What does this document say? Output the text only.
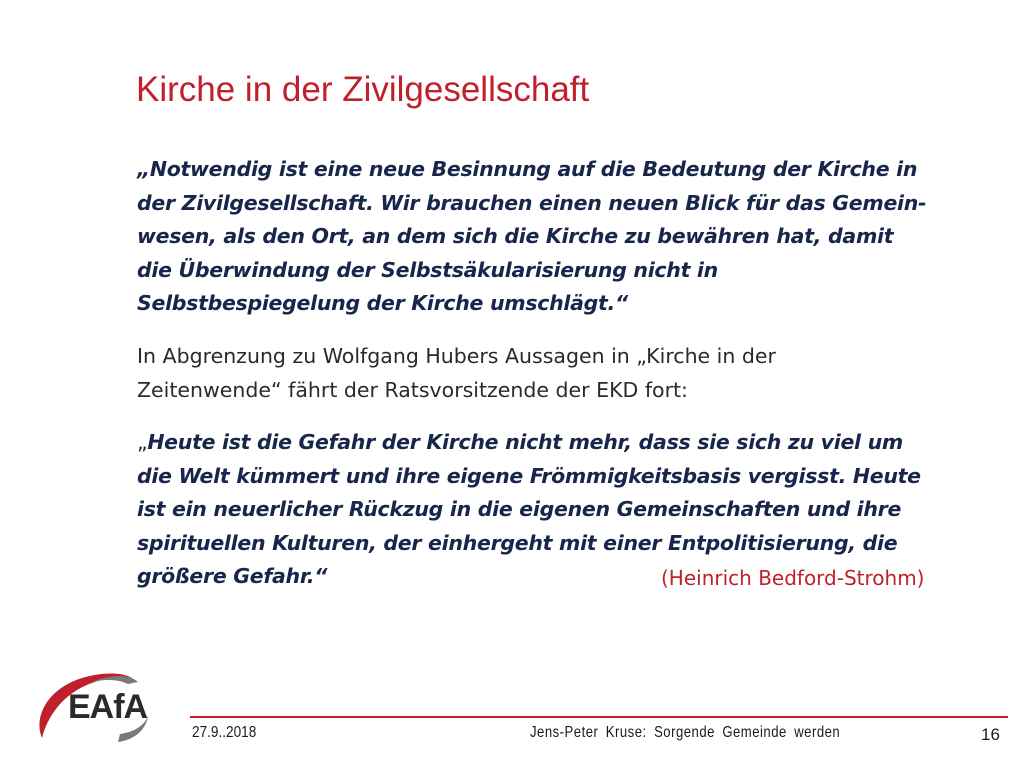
Kirche in der Zivilgesellschaft
„Notwendig ist eine neue Besinnung auf die Bedeutung der Kirche in
der Zivilgesellschaft. Wir brauchen einen neuen Blick für das Gemein-
wesen, als den Ort, an dem sich die Kirche zu bewähren hat, damit
die Überwindung der Selbstsäkularisierung nicht in
Selbstbespiegelung der Kirche umschlägt.“
In Abgrenzung zu Wolfgang Hubers Aussagen in „Kirche in der
Zeitenwende“ fährt der Ratsvorsitzende der EKD fort:
„Heute ist die Gefahr der Kirche nicht mehr, dass sie sich zu viel um
die Welt kümmert und ihre eigene Frömmigkeitsbasis vergisst. Heute
ist ein neuerlicher Rückzug in die eigenen Gemeinschaften und ihre
spirituellen Kulturen, der einhergeht mit einer Entpolitisierung, die
größere Gefahr.“	(Heinrich Bedford-Strohm)
EAfA
27.9..2018	Jens-Peter Kruse: Sorgende Gemeinde werden	16
